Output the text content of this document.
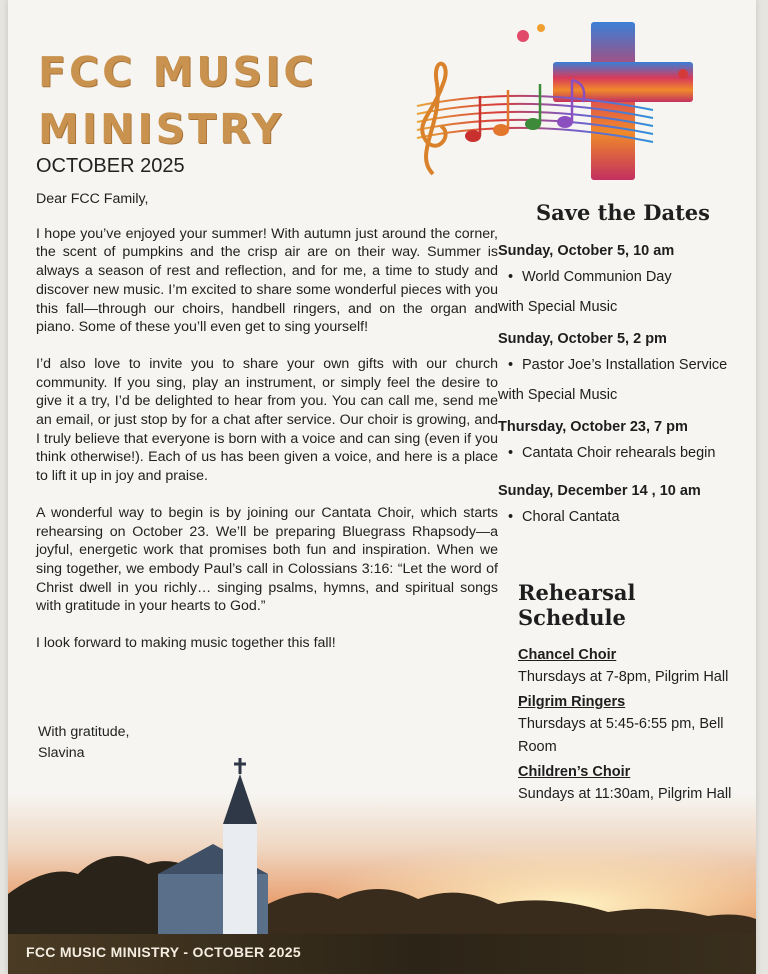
FCC MUSIC
MINISTRY
OCTOBER 2025

Dear FCC Family,

I hope you’ve enjoyed your summer! With autumn just around the corner, the scent of pumpkins and the crisp air are on their way. Summer is always a season of rest and reflection, and for me, a time to study and discover new music. I’m excited to share some wonderful pieces with you this fall—through our choirs, handbell ringers, and on the organ and piano. Some of these you’ll even get to sing yourself!

I’d also love to invite you to share your own gifts with our church community. If you sing, play an instrument, or simply feel the desire to give it a try, I’d be delighted to hear from you. You can call me, send me an email, or just stop by for a chat after service. Our choir is growing, and I truly believe that everyone is born with a voice and can sing (even if you think otherwise!). Each of us has been given a voice, and here is a place to lift it up in joy and praise.

A wonderful way to begin is by joining our Cantata Choir, which starts rehearsing on October 23. We’ll be preparing Bluegrass Rhapsody—a joyful, energetic work that promises both fun and inspiration. When we sing together, we embody Paul’s call in Colossians 3:16: “Let the word of Christ dwell in you richly… singing psalms, hymns, and spiritual songs with gratitude in your hearts to God.”

I look forward to making music together this fall!

With gratitude,
Slavina
Save the Dates
Sunday, October 5, 10 am
• World Communion Day
with Special Music
Sunday, October 5, 2 pm
• Pastor Joe’s Installation Service
with Special Music
Thursday, October 23, 7 pm
• Cantata Choir rehearals begin
Sunday, December 14 , 10 am
• Choral Cantata
Rehearsal Schedule
Chancel Choir
Thursdays at 7-8pm, Pilgrim Hall
Pilgrim Ringers
Thursdays at 5:45-6:55 pm, Bell Room
Children’s Choir
Sundays at 11:30am, Pilgrim Hall
FCC MUSIC MINISTRY - OCTOBER 2025
